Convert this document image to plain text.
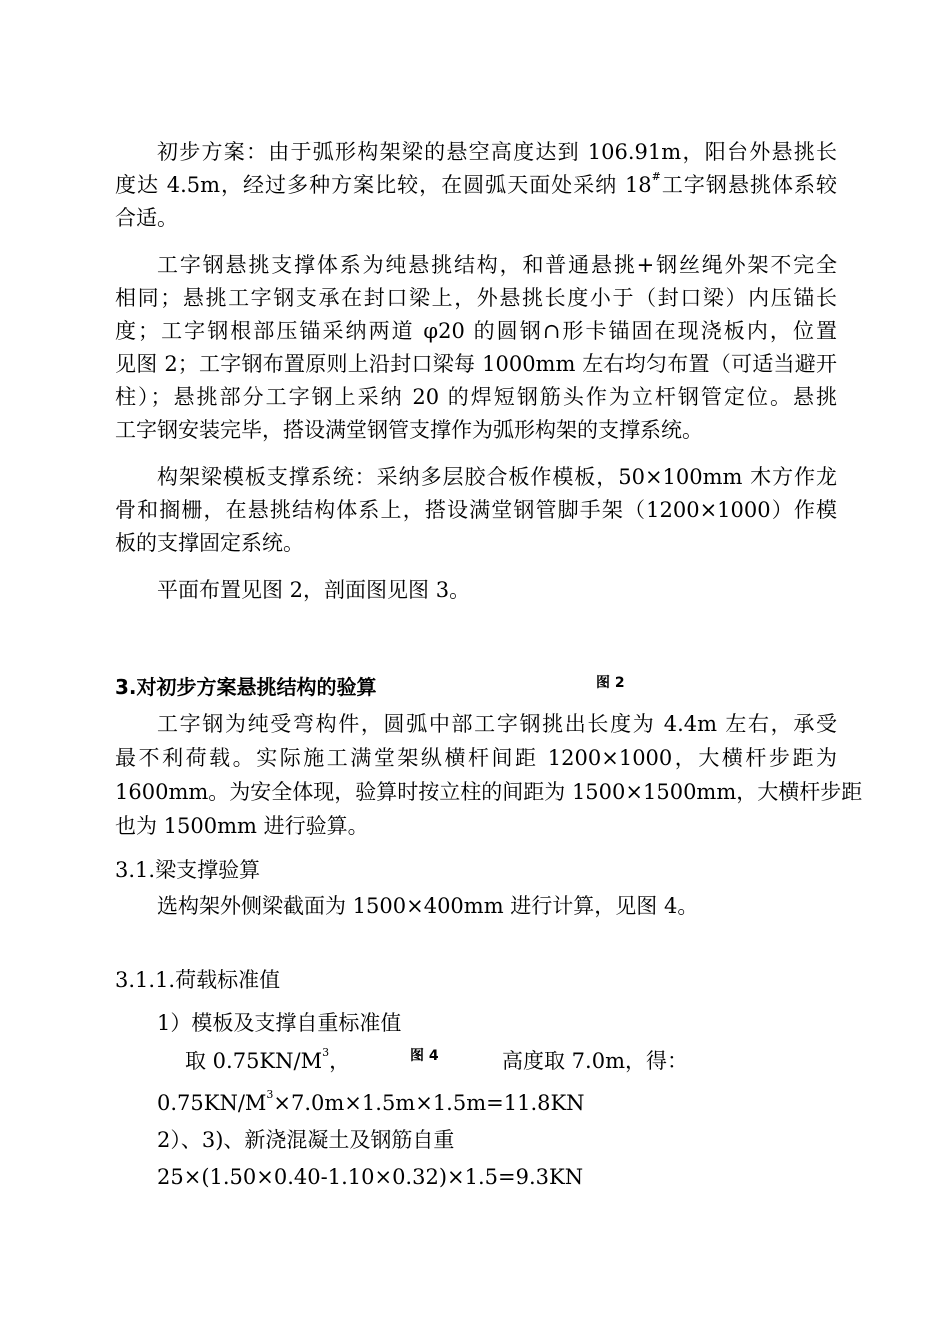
初步方案：由于弧形构架梁的悬空高度达到 106.91m，阳台外悬挑长
度达 4.5m，经过多种方案比较，在圆弧天面处采纳 18#工字钢悬挑体系较
合适。
工字钢悬挑支撑体系为纯悬挑结构，和普通悬挑+钢丝绳外架不完全
相同；悬挑工字钢支承在封口梁上，外悬挑长度小于（封口梁）内压锚长
度；工字钢根部压锚采纳两道 φ20 的圆钢∩形卡锚固在现浇板内，位置
见图 2；工字钢布置原则上沿封口梁每 1000mm 左右均匀布置（可适当避开
柱）；悬挑部分工字钢上采纳 20 的焊短钢筋头作为立杆钢管定位。悬挑
工字钢安装完毕，搭设满堂钢管支撑作为弧形构架的支撑系统。
构架梁模板支撑系统：采纳多层胶合板作模板，50×100mm 木方作龙
骨和搁栅，在悬挑结构体系上，搭设满堂钢管脚手架（1200×1000）作模
板的支撑固定系统。
平面布置见图 2，剖面图见图 3。
3.对初步方案悬挑结构的验算	图 2
工字钢为纯受弯构件，圆弧中部工字钢挑出长度为 4.4m 左右，承受
最不利荷载。实际施工满堂架纵横杆间距 1200×1000，大横杆步距为
1600mm。为安全体现，验算时按立柱的间距为 1500×1500mm，大横杆步距
也为 1500mm 进行验算。
3.1.梁支撑验算
选构架外侧梁截面为 1500×400mm 进行计算，见图 4。
3.1.1.荷载标准值
1）模板及支撑自重标准值
取 $0.75KN/M^3$，	图 4	高度取 7.0m，得：
$0.75KN/M^3\times 7.0m\times 1.5m\times 1.5m=11.8KN$
2）、3)、新浇混凝土及钢筋自重
25×(1.50×0.40-1.10×0.32)×1.5=9.3KN
